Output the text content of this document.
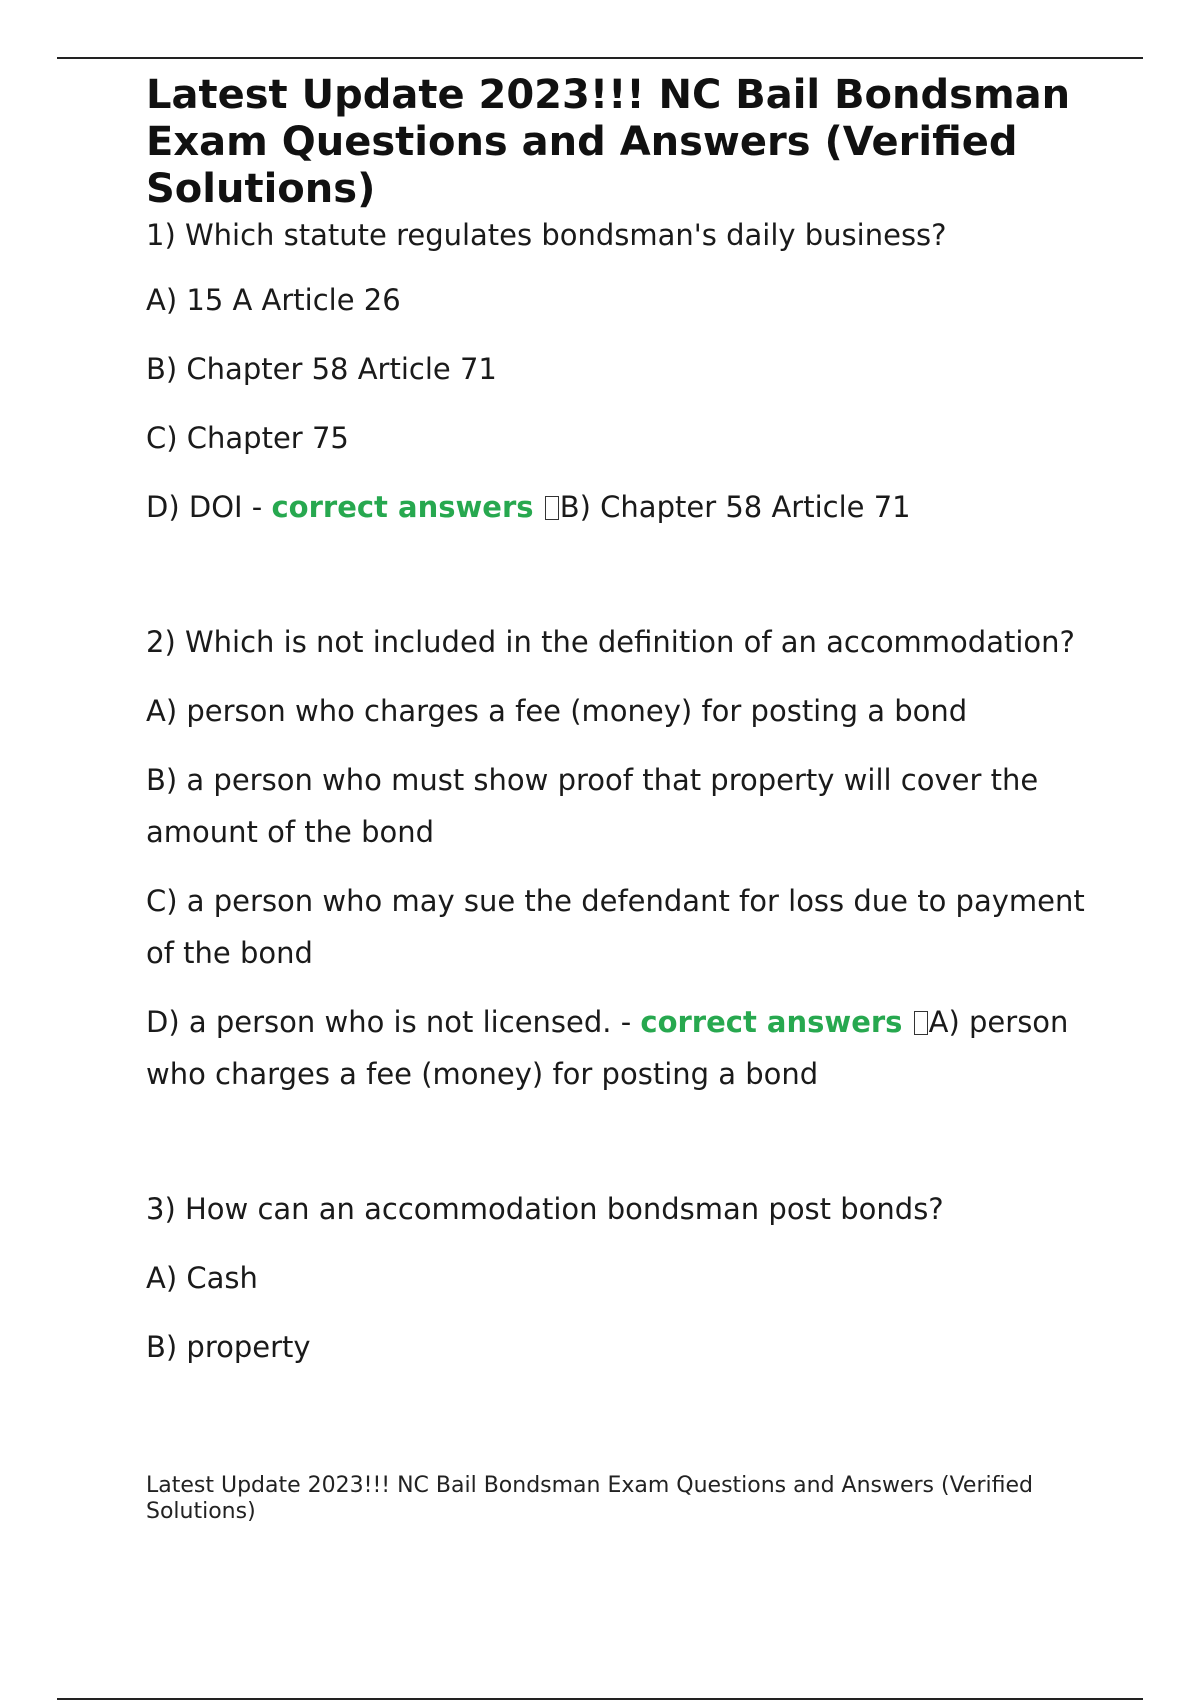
Latest Update 2023!!! NC Bail Bondsman Exam Questions and Answers (Verified Solutions)

1) Which statute regulates bondsman's daily business?

A) 15 A Article 26

B) Chapter 58 Article 71

C) Chapter 75

D) DOI - correct answers B) Chapter 58 Article 71

2) Which is not included in the definition of an accommodation?

A) person who charges a fee (money) for posting a bond

B) a person who must show proof that property will cover the amount of the bond

C) a person who may sue the defendant for loss due to payment of the bond

D) a person who is not licensed. - correct answers A) person who charges a fee (money) for posting a bond

3) How can an accommodation bondsman post bonds?

A) Cash

B) property

Latest Update 2023!!! NC Bail Bondsman Exam Questions and Answers (Verified Solutions)
